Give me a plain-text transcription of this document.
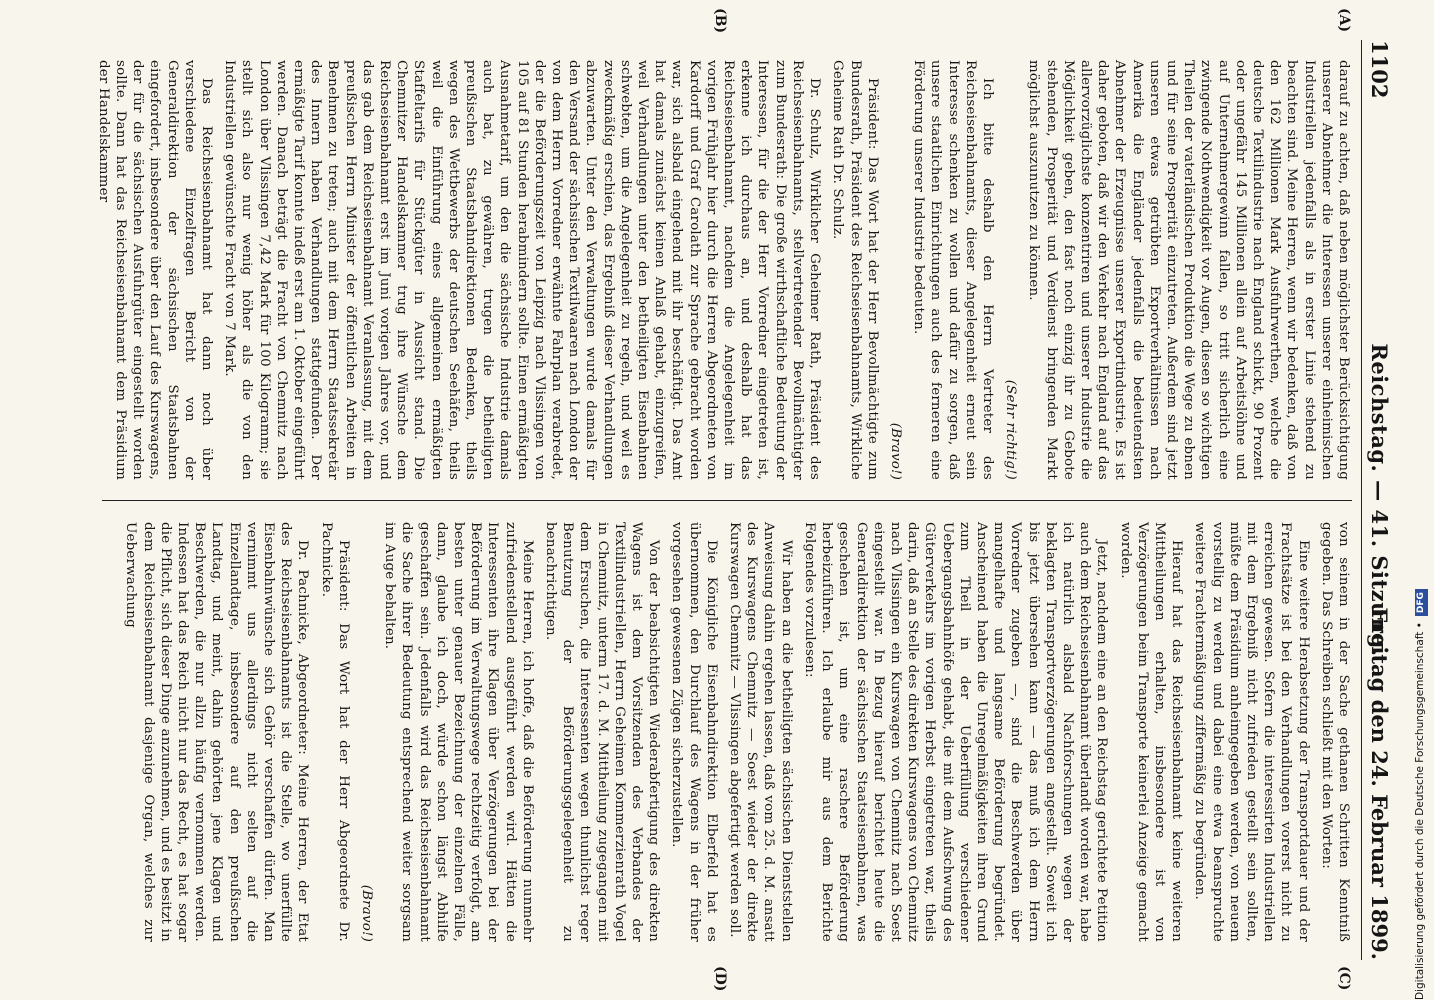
1102
Reichstag. — 41. Sitzung.
Freitag den 24. Februar 1899.
(A)
(B)
(C)
(D)

darauf zu achten, daß neben möglichster Berücksichtigung unserer Abnehmer die Interessen unserer einheimischen Industriellen jedenfalls als in erster Linie stehend zu beachten sind. Meine Herren, wenn wir bedenken, daß von den 162 Millionen Mark Ausfuhrwerthen, welche die deutsche Textilindustrie nach England schickt, 90 Prozent oder ungefähr 145 Millionen allein auf Arbeitslöhne und auf Unternehmergewinn fallen, so tritt sicherlich eine zwingende Nothwendigkeit vor Augen, diesen so wichtigen Theilen der vaterländischen Produktion die Wege zu ebnen und für seine Prosperität einzutreten. Außerdem sind jetzt unseren etwas getrübten Exportverhältnissen nach Amerika die Engländer jedenfalls die bedeutendsten Abnehmer der Erzeugnisse unserer Exportindustrie. Es ist daher geboten, daß wir den Verkehr nach England auf das allervorzüglichste konzentriren und unserer Industrie die Möglichkeit geben, den fast noch einzig ihr zu Gebote stehenden, Prosperität und Verdienst bringenden Markt möglichst auszunutzen zu können.

(Sehr richtig!)

Ich bitte deshalb den Herrn Vertreter des Reichseisenbahnamts, dieser Angelegenheit erneut sein Interesse schenken zu wollen und dafür zu sorgen, daß unsere staatlichen Einrichtungen auch des ferneren eine Förderung unserer Industrie bedeuten.

(Bravo!)

Präsident: Das Wort hat der Herr Bevollmächtigte zum Bundesrath, Präsident des Reichseisenbahnamts, Wirkliche Geheime Rath Dr. Schulz.

Dr. Schulz, Wirklicher Geheimer Rath, Präsident des Reichseisenbahnamts, stellvertretender Bevollmächtigter zum Bundesrath: Die große wirthschaftliche Bedeutung der Interessen, für die der Herr Vorredner eingetreten ist, erkenne ich durchaus an, und deshalb hat das Reichseisenbahnamt, nachdem die Angelegenheit im vorigen Frühjahr hier durch die Herren Abgeordneten von Kardorff und Graf Carolath zur Sprache gebracht worden war, sich alsbald eingehend mit ihr beschäftigt. Das Amt hat damals zunächst keinen Anlaß gehabt, einzugreifen, weil Verhandlungen unter den betheiligten Eisenbahnen schwebten, um die Angelegenheit zu regeln, und weil es zweckmäßig erschien, das Ergebniß dieser Verhandlungen abzuwarten. Unter den Verwaltungen wurde damals für den Versand der sächsischen Textilwaaren nach London der von dem Herrn Vorredner erwähnte Fahrplan verabredet, der die Beförderungszeit von Leipzig nach Vlissingen von 105 auf 81 Stunden herabmindern sollte. Einen ermäßigten Ausnahmetarif, um den die sächsische Industrie damals auch bat, zu gewähren, trugen die betheiligten preußischen Staatsbahndirektionen Bedenken, theils wegen des Wettbewerbs der deutschen Seehäfen, theils weil die Einführung eines allgemeinen ermäßigten Staffeltarifs für Stückgüter in Aussicht stand. Die Chemnitzer Handelskammer trug ihre Wünsche dem Reichseisenbahnamt erst im Juni vorigen Jahres vor, und das gab dem Reichseisenbahnamt Veranlassung, mit dem preußischen Herrn Minister der öffentlichen Arbeiten in Benehmen zu treten; auch mit dem Herrn Staatssekretär des Innern haben Verhandlungen stattgefunden. Der ermäßigte Tarif konnte indeß erst am 1. Oktober eingeführt werden. Danach beträgt die Fracht von Chemnitz nach London über Vlissingen 7,42 Mark für 100 Kilogramm; sie stellt sich also nur wenig höher als die von den Industriellen gewünschte Fracht von 7 Mark.

Das Reichseisenbahnamt hat dann noch über verschiedene Einzelfragen Bericht von der Generaldirektion der sächsischen Staatsbahnen eingefordert, insbesondere über den Lauf des Kurswagens, der für die sächsischen Ausfuhrgüter eingestellt worden sollte. Dann hat das Reichseisenbahnamt dem Präsidium der Handelskammer

von seinem in der Sache gethanen Schritten Kenntniß gegeben. Das Schreiben schließt mit den Worten:

Eine weitere Herabsetzung der Transportdauer und der Frachtsätze ist bei den Verhandlungen vorerst nicht zu erreichen gewesen. Sofern die interessirten Industriellen mit dem Ergebniß nicht zufrieden gestellt sein sollten, müßte dem Präsidium anheimgegeben werden, von neuem vorstellig zu werden und dabei eine etwa beanspruchte weitere Frachtermäßigung ziffermäßig zu begründen.

Hierauf hat das Reichseisenbahnamt keine weiteren Mittheilungen erhalten, insbesondere ist von Verzögerungen beim Transporte keinerlei Anzeige gemacht worden.

Jetzt, nachdem eine an den Reichstag gerichtete Petition auch dem Reichseisenbahnamt überlandt worden war, habe ich natürlich alsbald Nachforschungen wegen der beklagten Transportverzögerungen angestellt. Soweit ich bis jetzt übersehen kann — das muß ich dem Herrn Vorredner zugeben —, sind die Beschwerden über mangelhafte und langsame Beförderung begründet. Anscheinend haben die Unregelmäßigkeiten ihren Grund zum Theil in der Ueberfüllung verschiedener Uebergangsbahnhöfe gehabt, die mit dem Aufschwung des Güterverkehrs im vorigen Herbst eingetreten war, theils darin, daß an Stelle des direkten Kurswagens von Chemnitz nach Vlissingen ein Kurswagen von Chemnitz nach Soest eingestellt war. In Bezug hierauf berichtet heute die Generaldirektion der sächsischen Staatseisenbahnen, was geschehen ist, um eine raschere Beförderung herbeizuführen. Ich erlaube mir aus dem Berichte Folgendes vorzulesen:

Wir haben an die betheiligten sächsischen Dienststellen Anweisung dahin ergehen lassen, daß vom 25. d. M. ansatt des Kurswagens Chemnitz — Soest wieder der direkte Kurswagen Chemnitz — Vlissingen abgefertigt werden soll.

Die Königliche Eisenbahndirektion Elberfeld hat es übernommen, den Durchlauf des Wagens in der früher vorgesehen gewesenen Zügen sicherzustellen.

Von der beabsichtigten Wiederabfertigung des direkten Wagens ist dem Vorsitzenden des Verbandes der Textilindustriellen, Herrn Geheimen Kommerzienrath Vogel in Chemnitz, unterm 17. d. M. Mittheilung zugegangen mit dem Ersuchen, die Interessenten wegen thunlichst reger Benutzung der Beförderungsgelegenheit zu benachrichtigen.

Meine Herren, ich hoffe, daß die Beförderung nunmehr zufriedenstellend ausgeführt werden wird. Hätten die Interessenten ihre Klagen über Verzögerungen bei der Beförderung im Verwaltungswege rechtzeitig verfolgt, am besten unter genauer Bezeichnung der einzelnen Fälle, dann, glaube ich doch, würde schon längst Abhilfe geschaffen sein. Jedenfalls wird das Reichseisenbahnamt die Sache ihrer Bedeutung entsprechend weiter sorgsam im Auge behalten.

(Bravo!)

Präsident: Das Wort hat der Herr Abgeordnete Dr. Pachnicke.

Dr. Pachnicke, Abgeordneter: Meine Herren, der Etat des Reichseisenbahnamts ist die Stelle, wo unerfüllte Eisenbahnwünsche sich Gehör verschaffen dürfen. Man vernimmt uns allerdings nicht selten auf die Einzellandtage, insbesondere auf den preußischen Landtag, und meint, dahin gehörten jene Klagen und Beschwerden, die nur allzu häufig vernommen werden. Indessen hat das Reich nicht nur das Recht, es hat sogar die Pflicht, sich dieser Dinge anzunehmen, und es besitzt in dem Reichseisenbahnamt dasjenige Organ, welches zur Ueberwachung

Digitalisierung gefördert durch die Deutsche Forschungsgemeinschaft •DFG
